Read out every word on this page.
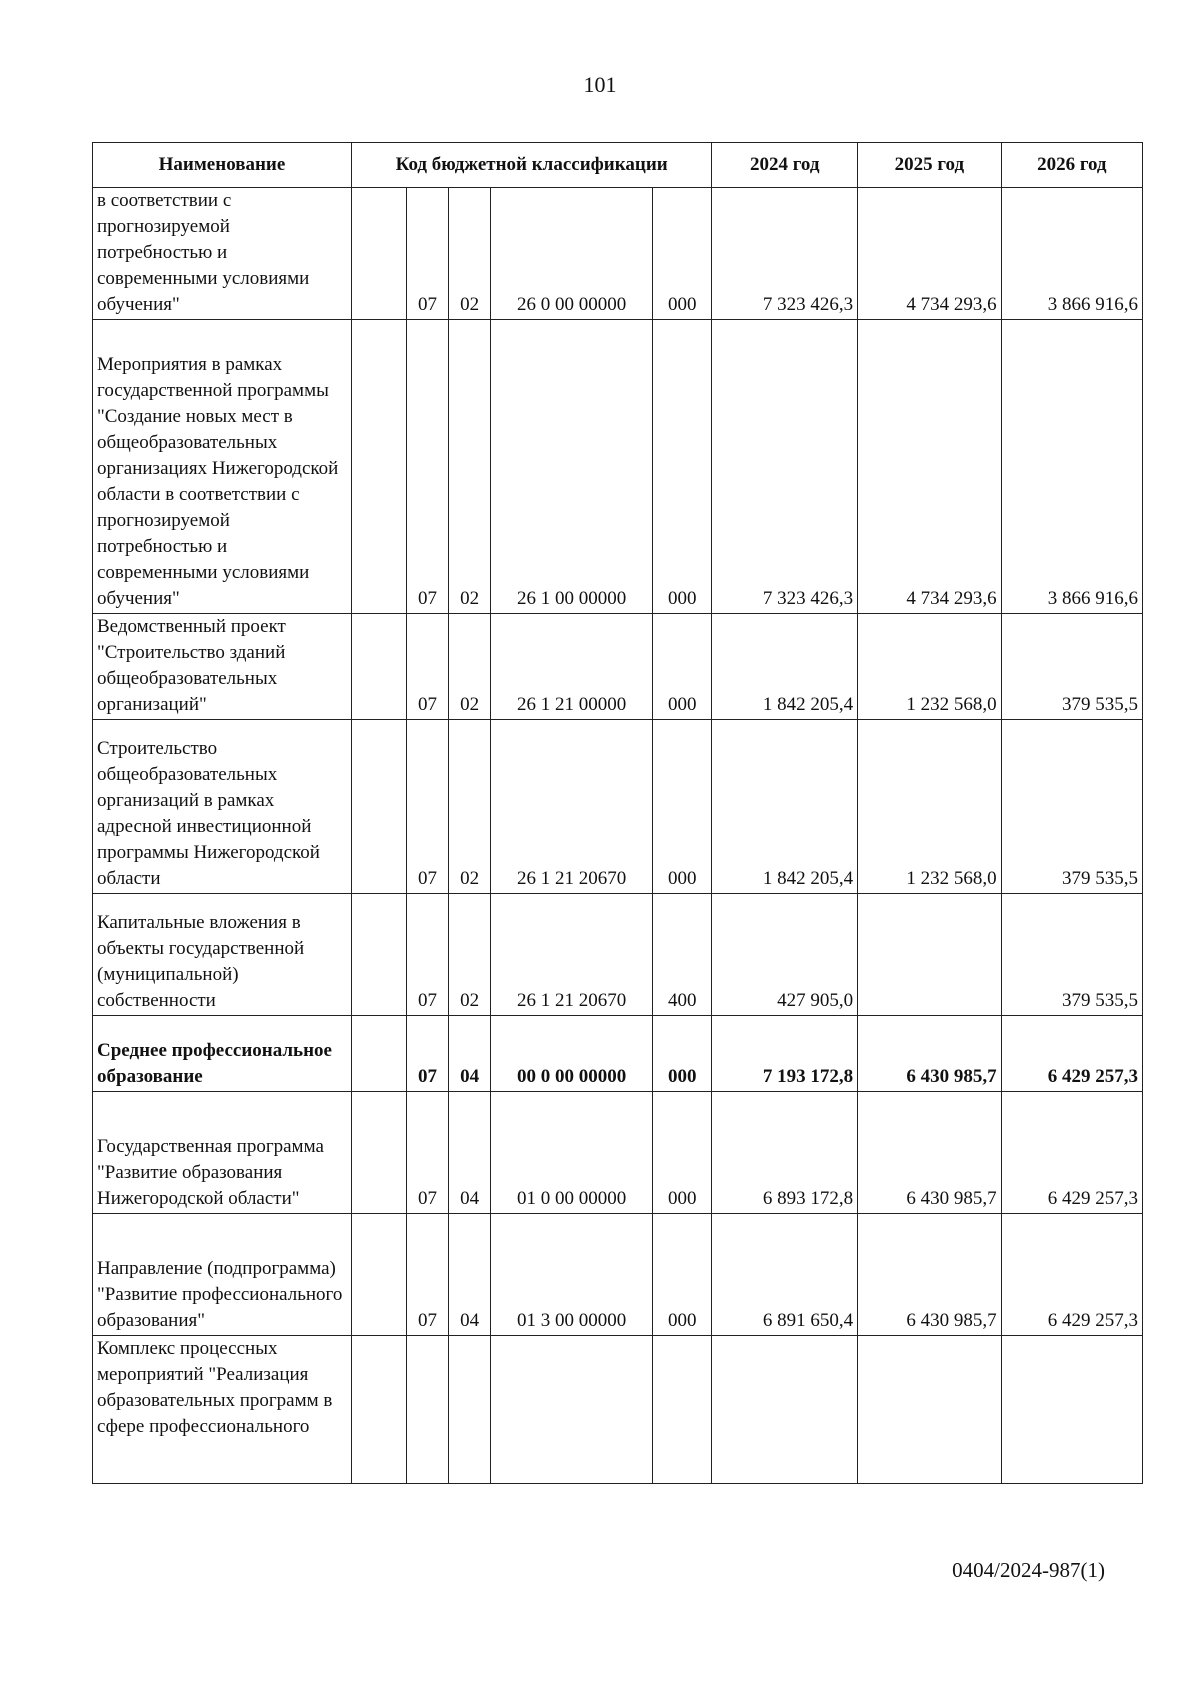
101
Наименование	Код бюджетной классификации					2024 год	2025 год	2026 год
в соответствии с прогнозируемой потребностью и современными условиями обучения"		07	02	26 0 00 00000	000	7 323 426,3	4 734 293,6	3 866 916,6
Мероприятия в рамках государственной программы "Создание новых мест в общеобразовательных организациях Нижегородской области в соответствии с прогнозируемой потребностью и современными условиями обучения"		07	02	26 1 00 00000	000	7 323 426,3	4 734 293,6	3 866 916,6
Ведомственный проект "Строительство зданий общеобразовательных организаций"		07	02	26 1 21 00000	000	1 842 205,4	1 232 568,0	379 535,5
Строительство общеобразовательных организаций в рамках адресной инвестиционной программы Нижегородской области		07	02	26 1 21 20670	000	1 842 205,4	1 232 568,0	379 535,5
Капитальные вложения в объекты государственной (муниципальной) собственности		07	02	26 1 21 20670	400	427 905,0		379 535,5
Среднее профессиональное образование		07	04	00 0 00 00000	000	7 193 172,8	6 430 985,7	6 429 257,3
Государственная программа "Развитие образования Нижегородской области"		07	04	01 0 00 00000	000	6 893 172,8	6 430 985,7	6 429 257,3
Направление (подпрограмма) "Развитие профессионального образования"		07	04	01 3 00 00000	000	6 891 650,4	6 430 985,7	6 429 257,3
Комплекс процессных мероприятий "Реализация образовательных программ в сфере профессионального								
0404/2024-987(1)
